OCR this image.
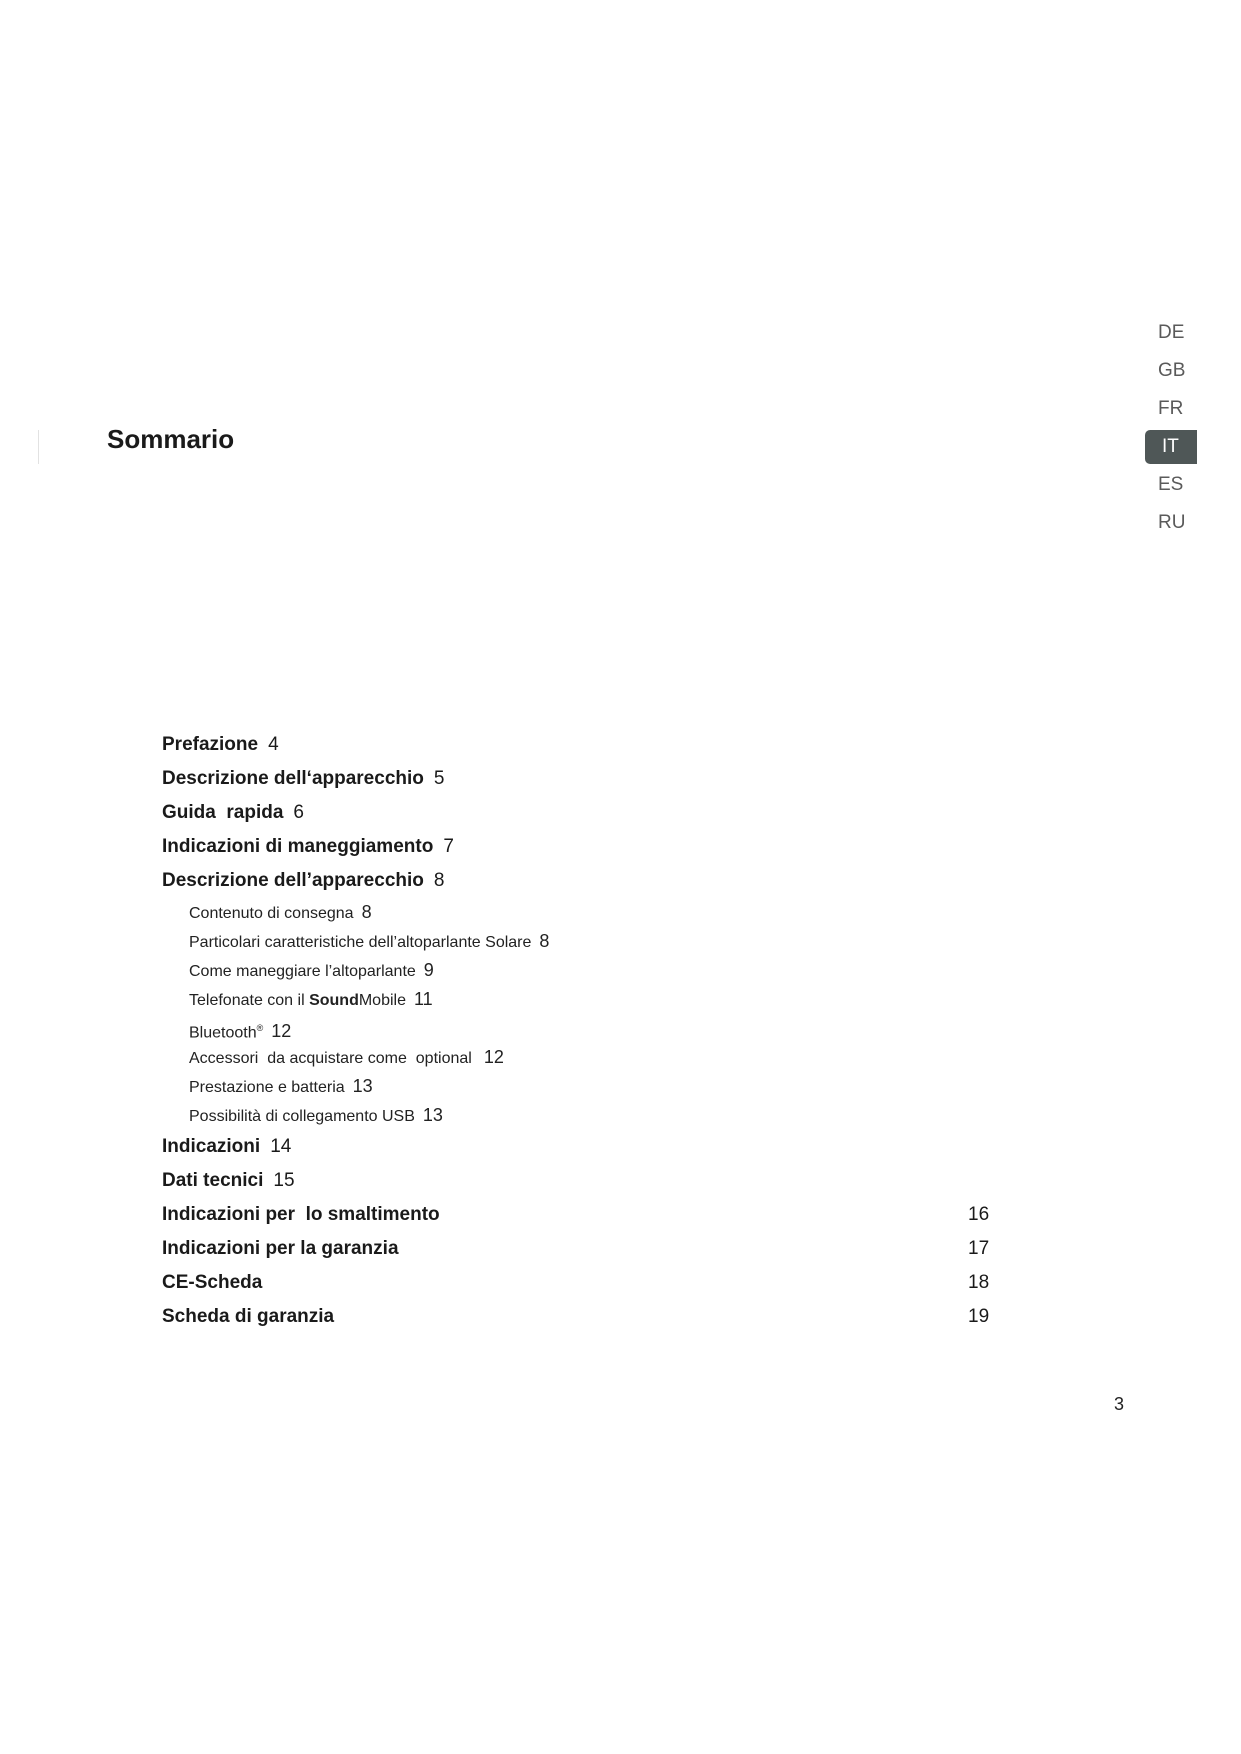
Sommario
DE
GB
FR
IT
ES
RU
Prefazione 4
Descrizione dell‘apparecchio 5
Guida  rapida 6
Indicazioni di maneggiamento 7
Descrizione dell’apparecchio 8
Contenuto di consegna 8
Particolari caratteristiche dell’altoparlante Solare 8
Come maneggiare l’altoparlante 9
Telefonate con il SoundMobile 11
Bluetooth® 12
Accessori  da acquistare come  optional 12
Prestazione e batteria 13
Possibilità di collegamento USB 13
Indicazioni 14
Dati tecnici 15
Indicazioni per  lo smaltimento	16
Indicazioni per la garanzia	17
CE-Scheda	18
Scheda di garanzia	19
3
